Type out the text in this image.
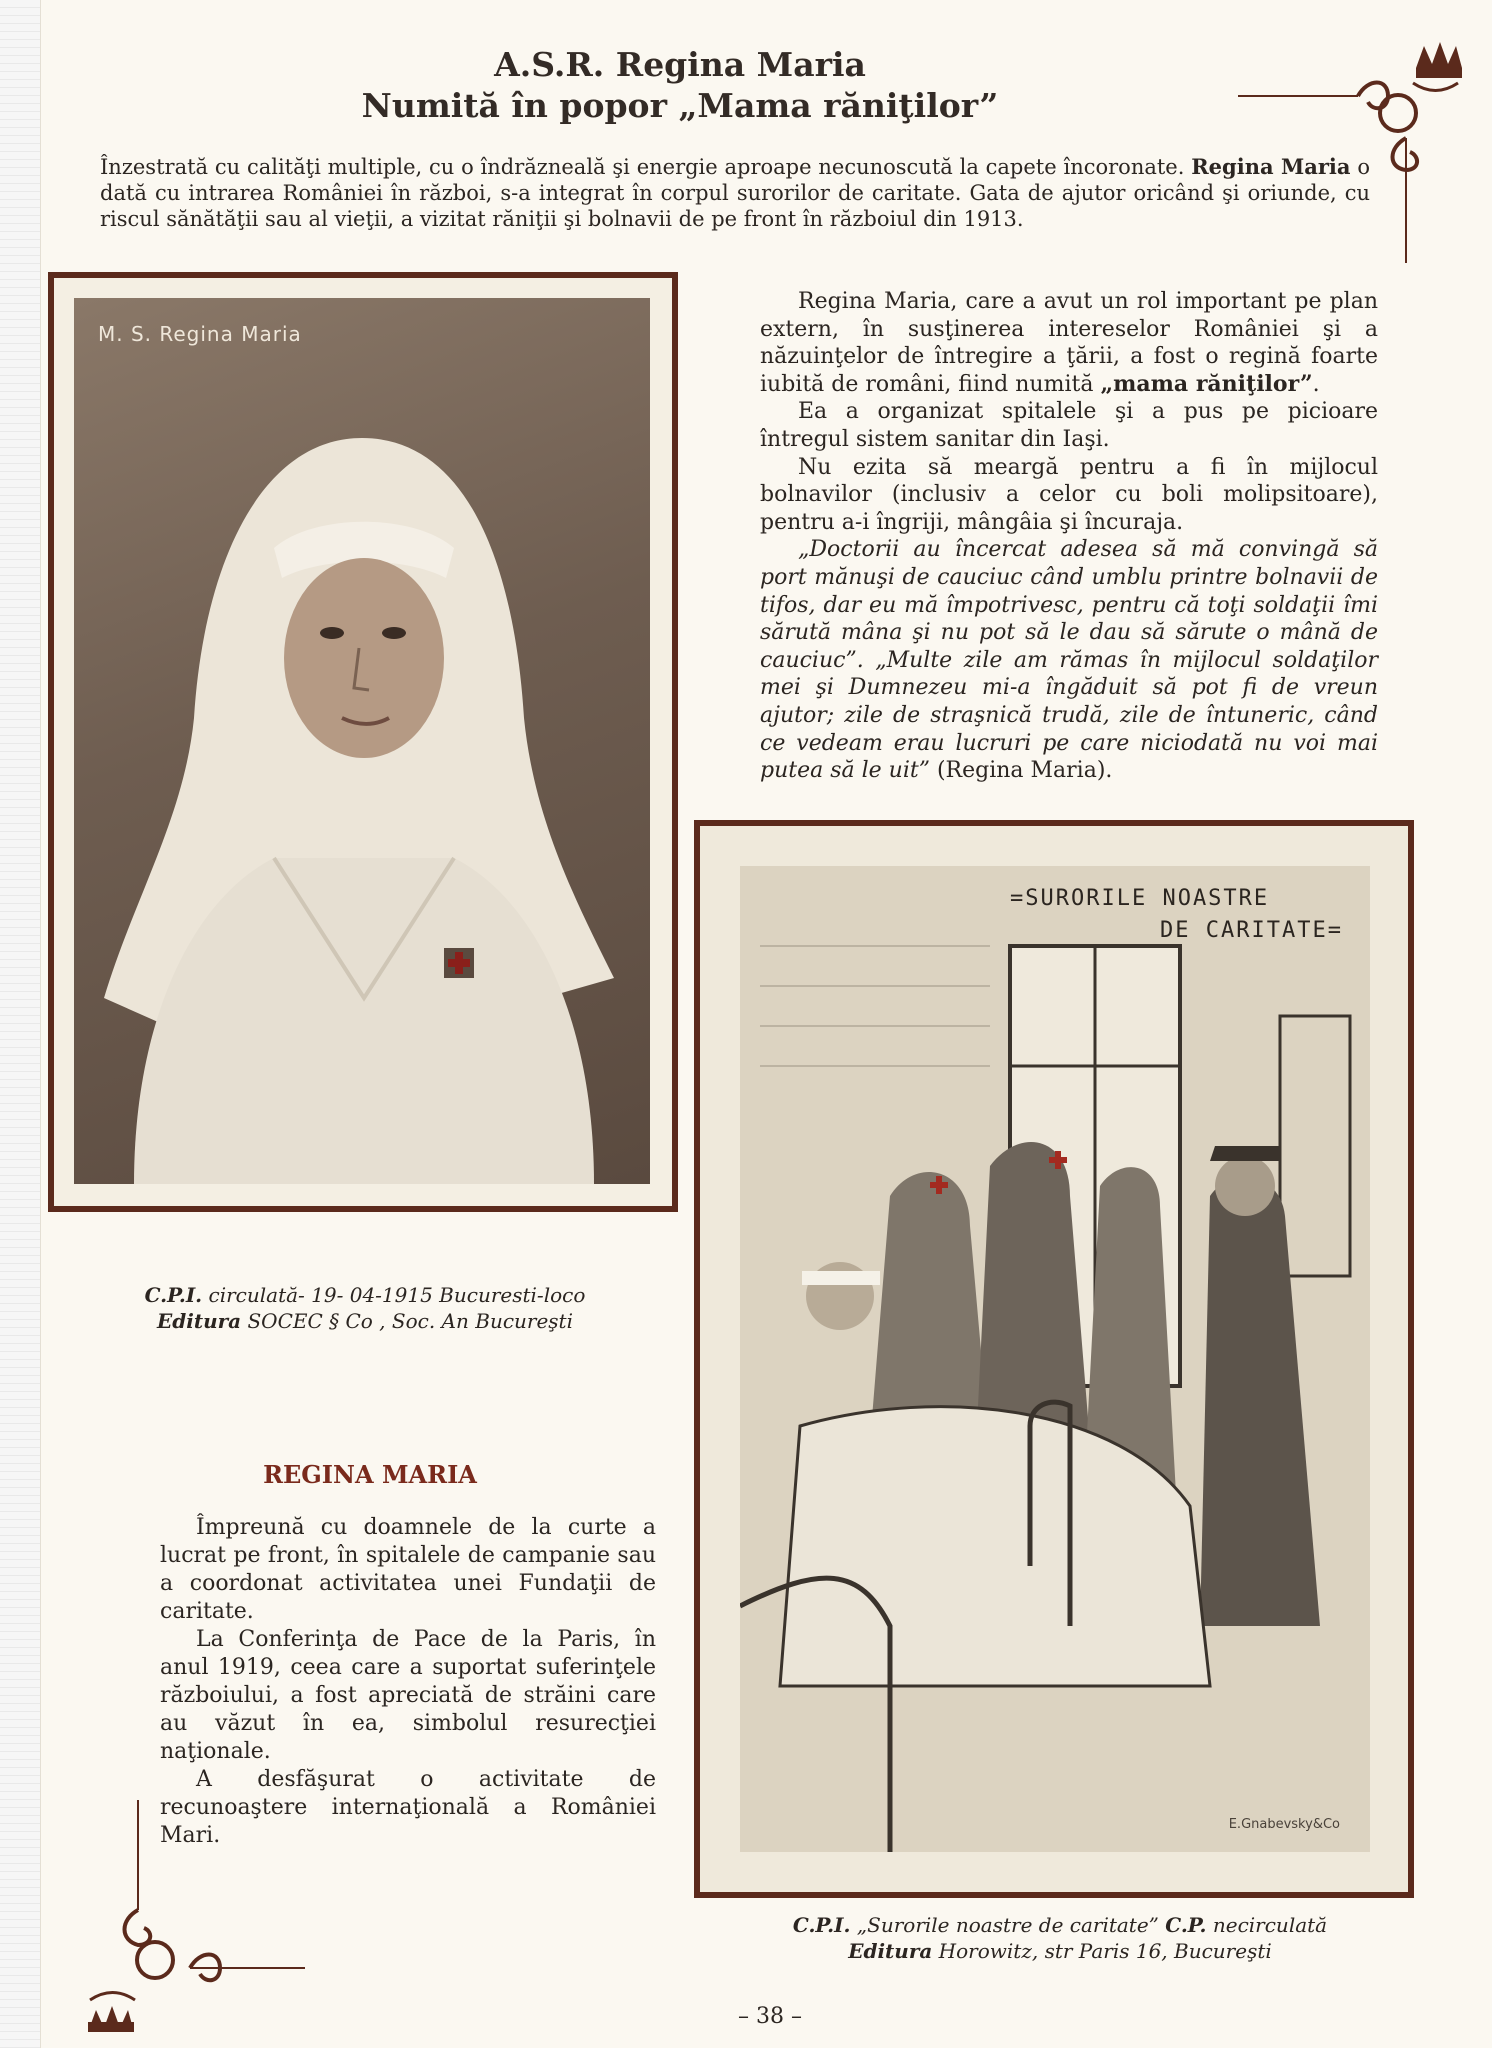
A.S.R. Regina Maria
Numită în popor „Mama răniţilor”

Înzestrată cu calităţi multiple, cu o îndrăzneală şi energie aproape necunoscută la capete încoronate. Regina Maria o dată cu intrarea României în război, s-a integrat în corpul surorilor de caritate. Gata de ajutor oricând şi oriunde, cu riscul sănătăţii sau al vieţii, a vizitat răniţii şi bolnavii de pe front în războiul din 1913.

M. S. Regina Maria

Regina Maria, care a avut un rol important pe plan extern, în susţinerea intereselor României şi a năzuinţelor de întregire a ţării, a fost o regină foarte iubită de români, fiind numită „mama răniţilor”.

Ea a organizat spitalele şi a pus pe picioare întregul sistem sanitar din Iaşi.

Nu ezita să meargă pentru a fi în mijlocul bolnavilor (inclusiv a celor cu boli molipsitoare), pentru a-i îngriji, mângâia şi încuraja.

„Doctorii au încercat adesea să mă convingă să port mănuşi de cauciuc când umblu printre bolnavii de tifos, dar eu mă împotrivesc, pentru că toţi soldaţii îmi sărută mâna şi nu pot să le dau să sărute o mână de cauciuc”. „Multe zile am rămas în mijlocul soldaţilor mei şi Dumnezeu mi-a îngăduit să pot fi de vreun ajutor; zile de straşnică trudă, zile de întuneric, când ce vedeam erau lucruri pe care niciodată nu voi mai putea să le uit” (Regina Maria).

C.P.I. circulată- 19- 04-1915 Bucuresti-loco
Editura SOCEC § Co , Soc. An Bucureşti
=SURORILE NOASTRE
DE CARITATE=
E.Gnabevsky&Co
REGINA MARIA

Împreună cu doamnele de la curte a lucrat pe front, în spitalele de campanie sau a coordonat activitatea unei Fundaţii de caritate.

La Conferinţa de Pace de la Paris, în anul 1919, ceea care a suportat suferinţele războiului, a fost apreciată de străini care au văzut în ea, simbolul resurecţiei naţionale.

A desfăşurat o activitate de recunoaştere internaţională a României Mari.

C.P.I. „Surorile noastre de caritate” C.P. necirculată
Editura Horowitz, str Paris 16, Bucureşti
– 38 –
